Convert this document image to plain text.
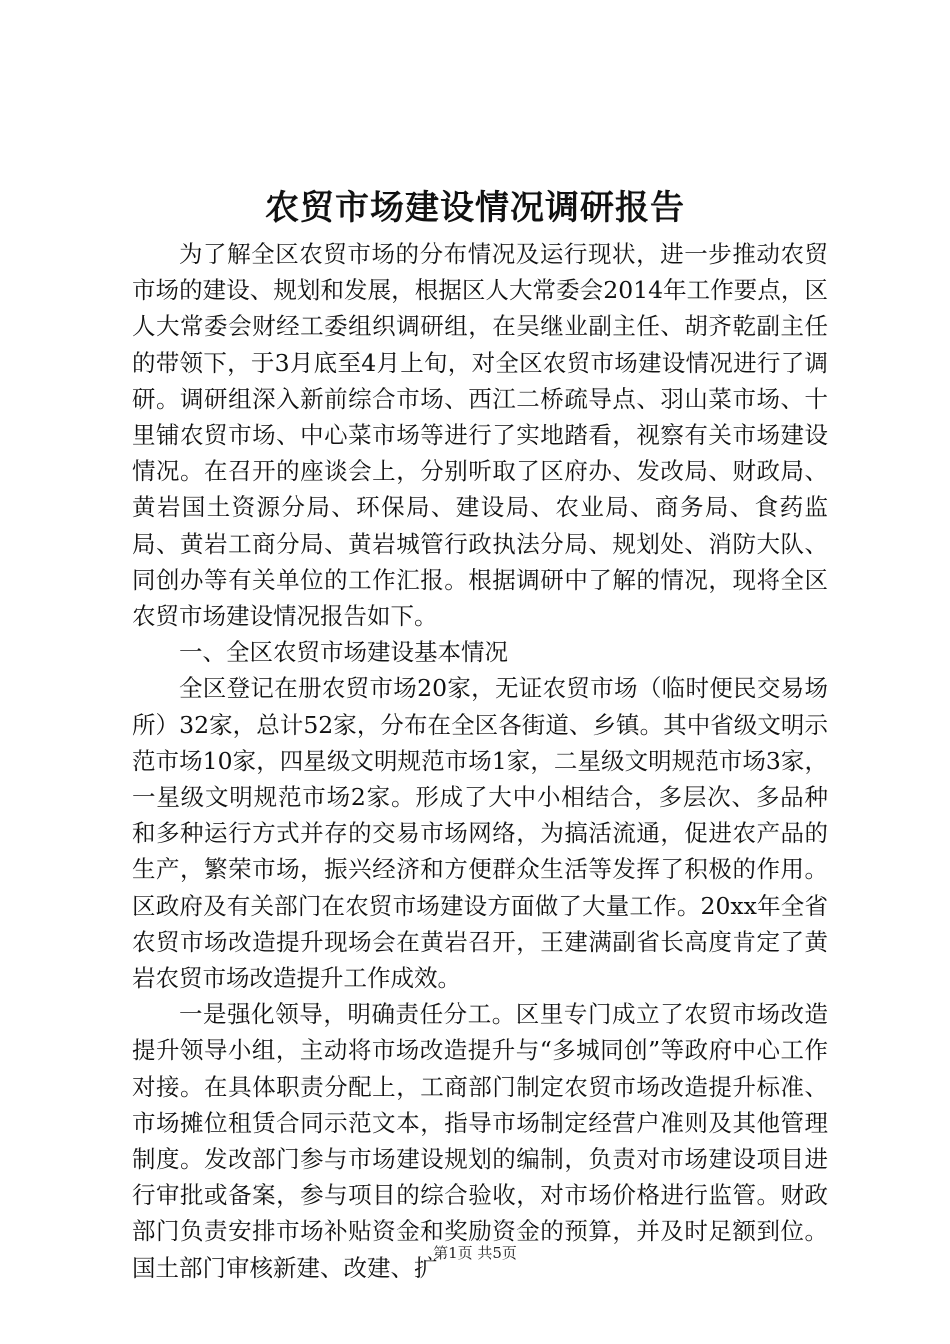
农贸市场建设情况调研报告

为了解全区农贸市场的分布情况及运行现状，进一步推动农贸市场的建设、规划和发展，根据区人大常委会2014年工作要点，区人大常委会财经工委组织调研组，在吴继业副主任、胡齐乾副主任的带领下，于3月底至4月上旬，对全区农贸市场建设情况进行了调研。调研组深入新前综合市场、西江二桥疏导点、羽山菜市场、十里铺农贸市场、中心菜市场等进行了实地踏看，视察有关市场建设情况。在召开的座谈会上，分别听取了区府办、发改局、财政局、黄岩国土资源分局、环保局、建设局、农业局、商务局、食药监局、黄岩工商分局、黄岩城管行政执法分局、规划处、消防大队、同创办等有关单位的工作汇报。根据调研中了解的情况，现将全区农贸市场建设情况报告如下。

一、全区农贸市场建设基本情况

全区登记在册农贸市场20家，无证农贸市场（临时便民交易场所）32家，总计52家，分布在全区各街道、乡镇。其中省级文明示范市场10家，四星级文明规范市场1家，二星级文明规范市场3家，一星级文明规范市场2家。形成了大中小相结合，多层次、多品种和多种运行方式并存的交易市场网络，为搞活流通，促进农产品的生产，繁荣市场，振兴经济和方便群众生活等发挥了积极的作用。区政府及有关部门在农贸市场建设方面做了大量工作。20xx年全省农贸市场改造提升现场会在黄岩召开，王建满副省长高度肯定了黄岩农贸市场改造提升工作成效。

一是强化领导，明确责任分工。区里专门成立了农贸市场改造提升领导小组，主动将市场改造提升与“多城同创”等政府中心工作对接。在具体职责分配上，工商部门制定农贸市场改造提升标准、市场摊位租赁合同示范文本，指导市场制定经营户准则及其他管理制度。发改部门参与市场建设规划的编制，负责对市场建设项目进行审批或备案，参与项目的综合验收，对市场价格进行监管。财政部门负责安排市场补贴资金和奖励资金的预算，并及时足额到位。国土部门审核新建、改建、扩

第1页 共5页
